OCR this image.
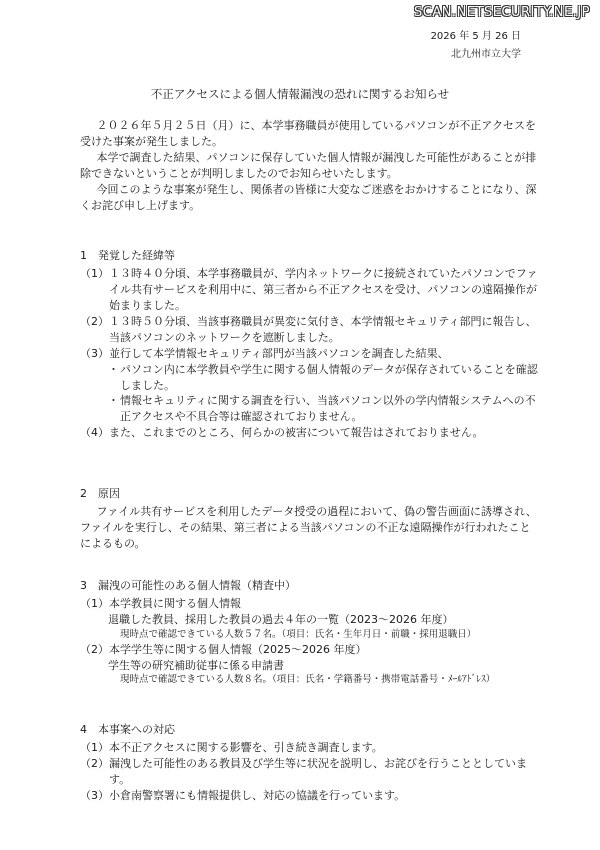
SCAN.NETSECURITY.NE.JP
2026 年 5 月 26 日
北九州市立大学
不正アクセスによる個人情報漏洩の恐れに関するお知らせ

２０２６年５月２５日（月）に、本学事務職員が使用しているパソコンが不正アクセスを受けた事案が発生しました。

本学で調査した結果、パソコンに保存していた個人情報が漏洩した可能性があることが排除できないということが判明しましたのでお知らせいたします。

今回このような事案が発生し、関係者の皆様に大変なご迷惑をおかけすることになり、深くお詫び申し上げます。

1　発覚した経緯等

（1） １３時４０分頃、本学事務職員が、学内ネットワークに接続されていたパソコンでファイル共有サービスを利用中に、第三者から不正アクセスを受け、パソコンの遠隔操作が始まりました。
（2） １３時５０分頃、当該事務職員が異変に気付き、本学情報セキュリティ部門に報告し、当該パソコンのネットワークを遮断しました。
（3） 並行して本学情報セキュリティ部門が当該パソコンを調査した結果、
・ パソコン内に本学教員や学生に関する個人情報のデータが保存されていることを確認しました。
・ 情報セキュリティに関する調査を行い、当該パソコン以外の学内情報システムへの不正アクセスや不具合等は確認されておりません。
（4） また、これまでのところ、何らかの被害について報告はされておりません。

2　原因

ファイル共有サービスを利用したデータ授受の過程において、偽の警告画面に誘導され、ファイルを実行し、その結果、第三者による当該パソコンの不正な遠隔操作が行われたことによるもの。

3　漏洩の可能性のある個人情報（精査中）

（1） 本学教員に関する個人情報

退職した教員、採用した教員の過去４年の一覧（2023～2026 年度）

現時点で確認できている人数５７名。（項目：氏名・生年月日・前職・採用退職日）

（2） 本学学生等に関する個人情報（2025～2026 年度）

学生等の研究補助従事に係る申請書

現時点で確認できている人数８名。（項目：氏名・学籍番号・携帯電話番号・ﾒｰﾙｱﾄﾞﾚｽ）

4　本事案への対応

（1） 本不正アクセスに関する影響を、引き続き調査します。
（2） 漏洩した可能性のある教員及び学生等に状況を説明し、お詫びを行うこととしています。
（3） 小倉南警察署にも情報提供し、対応の協議を行っています。
